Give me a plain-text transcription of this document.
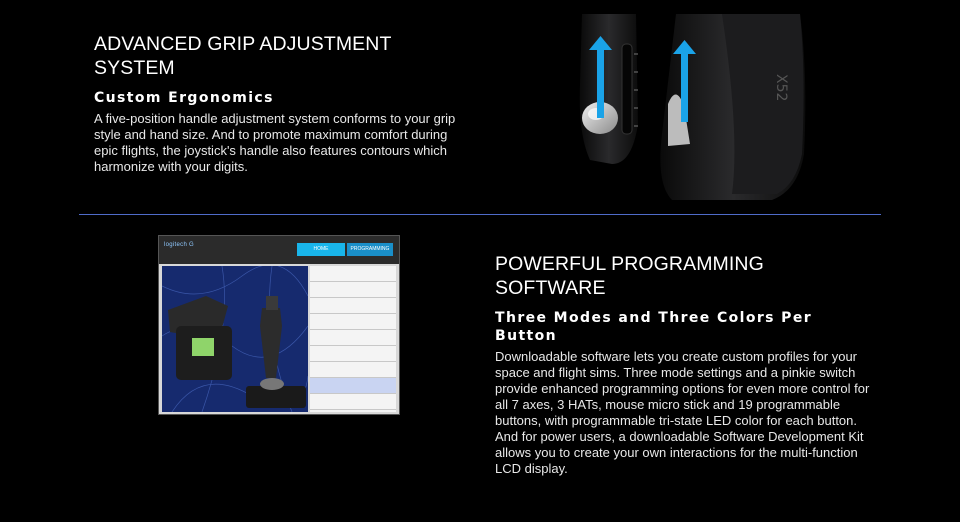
ADVANCED GRIP ADJUSTMENT SYSTEM
Custom Ergonomics

A five-position handle adjustment system conforms to your grip style and hand size. And to promote maximum comfort during epic flights, the joystick's handle also features contours which harmonize with your digits.

X52
logitech G
HOME	PROGRAMMING
POWERFUL PROGRAMMING SOFTWARE
Three Modes and Three Colors Per Button

Downloadable software lets you create custom profiles for your space and flight sims. Three mode settings and a pinkie switch provide enhanced programming options for even more control for all 7 axes, 3 HATs, mouse micro stick and 19 programmable buttons, with programmable tri-state LED color for each button. And for power users, a downloadable Software Development Kit allows you to create your own interactions for the multi-function LCD display.
